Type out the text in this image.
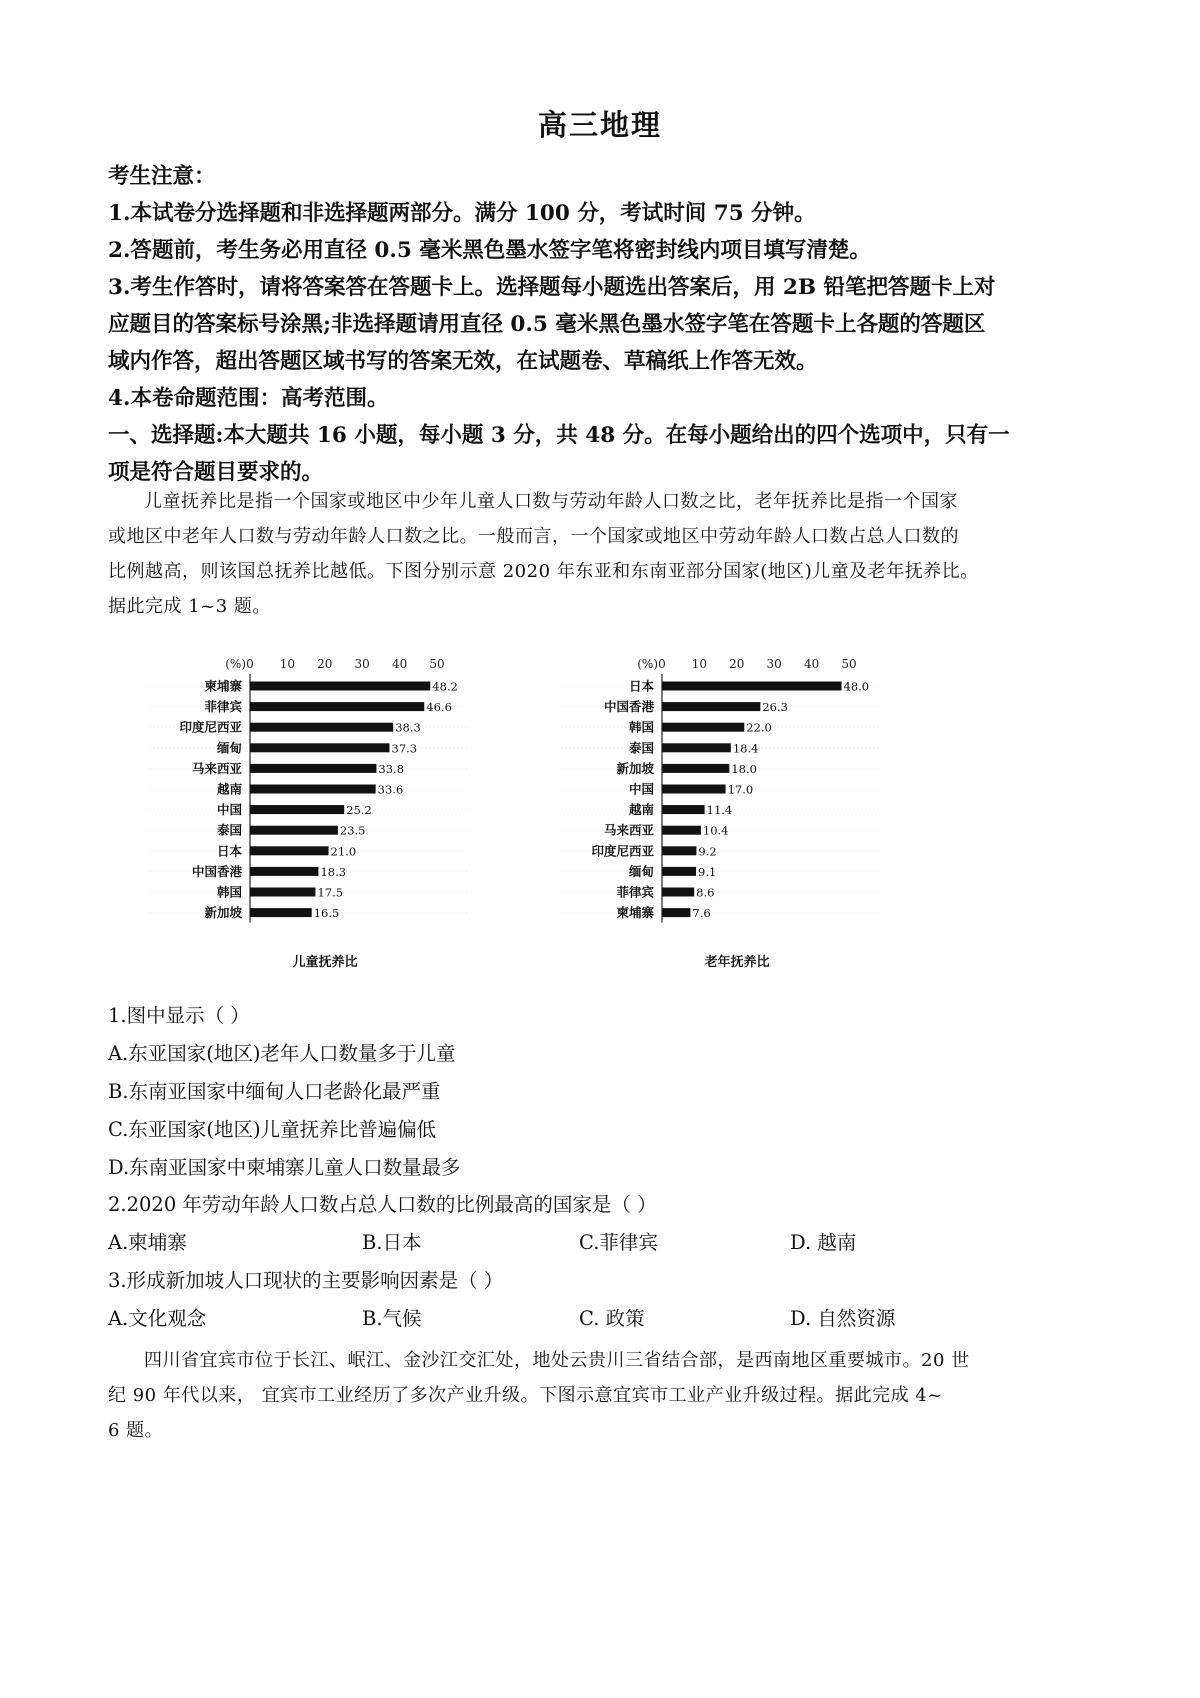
高三地理
考生注意：
1.本试卷分选择题和非选择题两部分。满分 100 分，考试时间 75 分钟。
2.答题前，考生务必用直径 0.5 毫米黑色墨水签字笔将密封线内项目填写清楚。
3.考生作答时，请将答案答在答题卡上。选择题每小题选出答案后，用 2B 铅笔把答题卡上对
应题目的答案标号涂黑;非选择题请用直径 0.5 毫米黑色墨水签字笔在答题卡上各题的答题区
域内作答，超出答题区域书写的答案无效，在试题卷、草稿纸上作答无效。
4.本卷命题范围：高考范围。
一、选择题:本大题共 16 小题，每小题 3 分，共 48 分。在每小题给出的四个选项中，只有一
项是符合题目要求的。
儿童抚养比是指一个国家或地区中少年儿童人口数与劳动年龄人口数之比，老年抚养比是指一个国家
或地区中老年人口数与劳动年龄人口数之比。一般而言，一个国家或地区中劳动年龄人口数占总人口数的
比例越高，则该国总抚养比越低。下图分别示意 2020 年东亚和东南亚部分国家(地区)儿童及老年抚养比。
据此完成 1~3 题。
(%) 0 10 20 30 40 50
柬埔寨	48.2
菲律宾	46.6
印度尼西亚	38.3
缅甸	37.3
马来西亚	33.8
越南	33.6
中国	25.2
泰国	23.5
日本	21.0
中国香港	18.3
韩国	17.5
新加坡	16.5
儿童抚养比
(%) 0 10 20 30 40 50
日本	48.0
中国香港	26.3
韩国	22.0
泰国	18.4
新加坡	18.0
中国	17.0
越南	11.4
马来西亚	10.4
印度尼西亚	9.2
缅甸	9.1
菲律宾	8.6
柬埔寨	7.6
老年抚养比
1.图中显示（ ）
A.东亚国家(地区)老年人口数量多于儿童
B.东南亚国家中缅甸人口老龄化最严重
C.东亚国家(地区)儿童抚养比普遍偏低
D.东南亚国家中柬埔寨儿童人口数量最多
2.2020 年劳动年龄人口数占总人口数的比例最高的国家是（ ）
A.柬埔寨	B.日本	C.菲律宾	D. 越南
3.形成新加坡人口现状的主要影响因素是（ ）
A.文化观念	B.气候	C. 政策	D. 自然资源
四川省宜宾市位于长江、岷江、金沙江交汇处，地处云贵川三省结合部，是西南地区重要城市。20 世
纪 90 年代以来， 宜宾市工业经历了多次产业升级。下图示意宜宾市工业产业升级过程。据此完成 4~
6 题。
